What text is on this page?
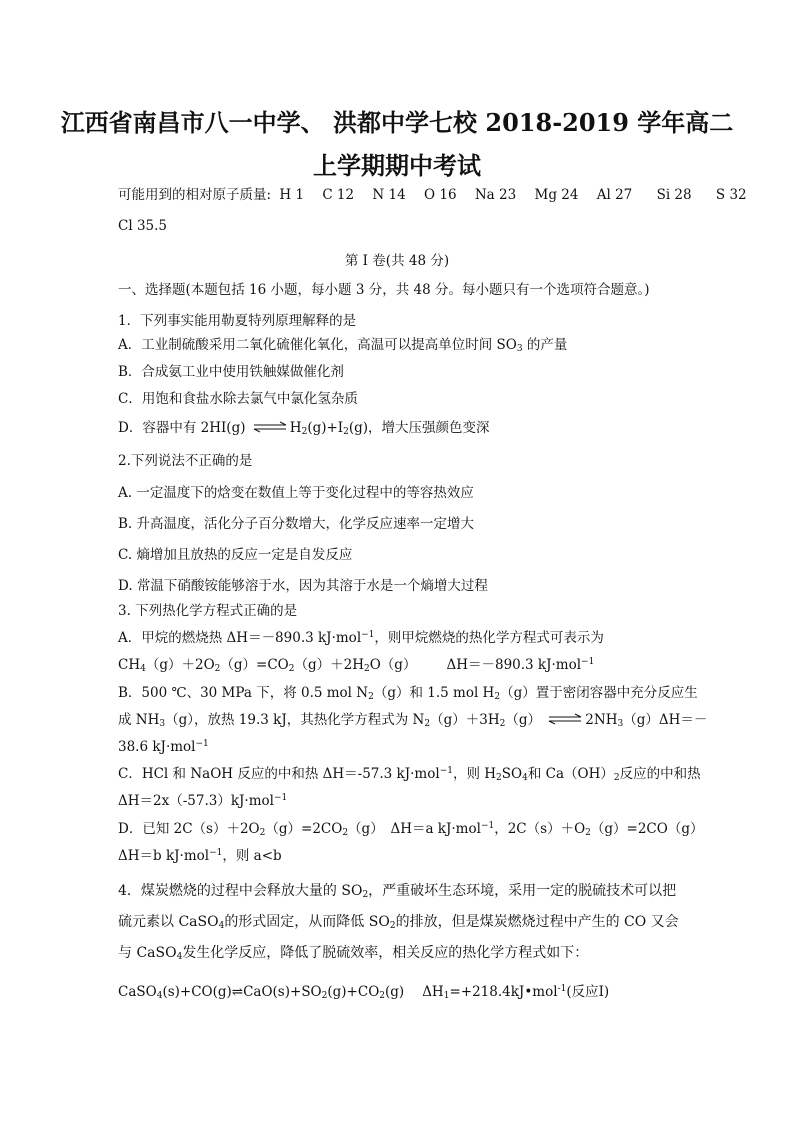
江西省南昌市八一中学、 洪都中学七校 2018-2019 学年高二
上学期期中考试
可能用到的相对原子质量: H 1 C 12 N 14 O 16 Na 23 Mg 24 Al 27 Si 28 S 32
Cl 35.5
第 I 卷(共 48 分)
一、选择题(本题包括 16 小题，每小题 3 分，共 48 分。每小题只有一个选项符合题意。)
1．下列事实能用勒夏特列原理解释的是
A．工业制硫酸采用二氧化硫催化氧化，高温可以提高单位时间 $SO_3$ 的产量
B．合成氨工业中使用铁触媒做催化剂
C．用饱和食盐水除去氯气中氯化氢杂质
D．容器中有 2HI(g) ⇌ $H_2(g)+I_2(g)$，增大压强颜色变深
2.下列说法不正确的是
A. 一定温度下的焓变在数值上等于变化过程中的等容热效应
B. 升高温度，活化分子百分数增大，化学反应速率一定增大
C. 熵增加且放热的反应一定是自发反应
D. 常温下硝酸铵能够溶于水，因为其溶于水是一个熵增大过程
3. 下列热化学方程式正确的是
A．甲烷的燃烧热 ΔH＝－890.3 kJ·mol$^{-1}$，则甲烷燃烧的热化学方程式可表示为
$CH_4(g)+2O_2(g)=CO_2(g)+2H_2O(g)$ ΔH＝－890.3 kJ·mol$^{-1}$
B．500 ℃、30 MPa 下，将 0.5 mol $N_2(g)$和 1.5 mol $H_2(g)$置于密闭容器中充分反应生
成 $NH_3(g)$，放热 19.3 kJ，其热化学方程式为 $N_2(g)+3H_2(g)$ ⇌ $2NH_3(g)\Delta H=-$
38.6 kJ·mol$^{-1}$
C．HCl 和 NaOH 反应的中和热 ΔH＝-57.3 kJ·mol$^{-1}$，则 $H_2SO_4$和 $Ca(OH)_2$反应的中和热
ΔH＝2x（-57.3）kJ·mol$^{-1}$
D．已知 $2C(s)+2O_2(g)=2CO_2(g)$　ΔH＝a kJ·mol$^{-1}$，$2C(s)+O_2(g)=2CO(g)$
ΔH＝b kJ·mol$^{-1}$，则 a<b
4．煤炭燃烧的过程中会释放大量的 $SO_2$，严重破坏生态环境，采用一定的脱硫技术可以把
硫元素以 CaSO$_4$的形式固定，从而降低 $SO_2$的排放，但是煤炭燃烧过程中产生的 CO 又会
与 CaSO$_4$发生化学反应，降低了脱硫效率，相关反应的热化学方程式如下：
$CaSO_4(s)+CO(g)\rightleftharpoons CaO(s)+SO_2(g)+CO_2(g)$ $\Delta H_1=+218.4kJ•mol^{-1}$(反应Ⅰ)
